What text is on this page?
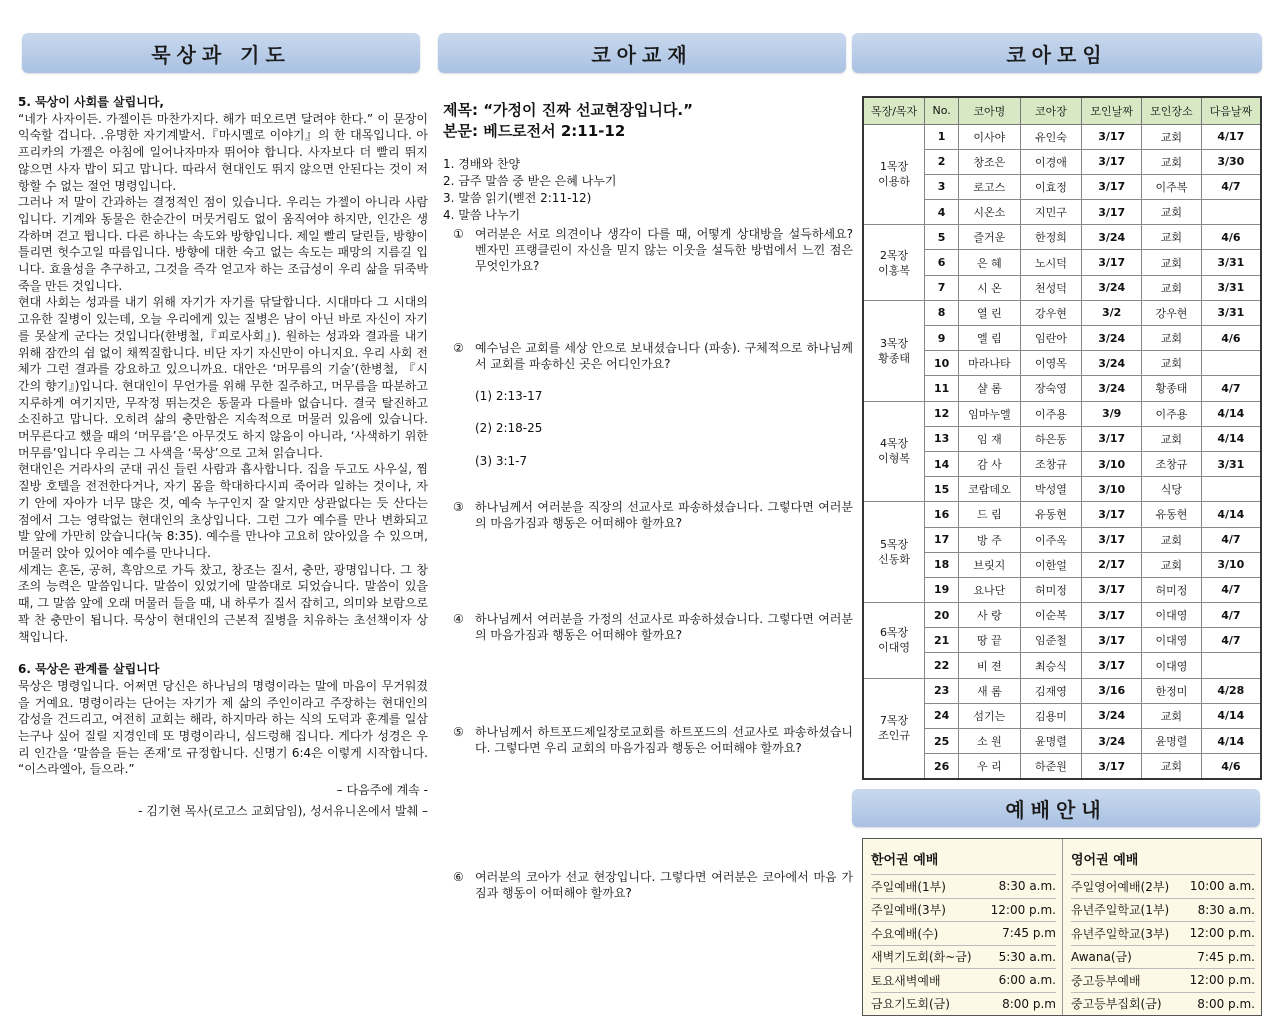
묵상과 기도	코아교재	코아모임
예배안내

5. 묵상이 사회를 살립니다,

“네가 사자이든. 가젤이든 마찬가지다. 해가 떠오르면 달려야 한다.” 이 문장이 익숙할 겁니다. .유명한 자기계발서.『마시멜로 이야기』의 한 대목입니다. 아프리카의 가젤은 아침에 일어나자마자 뛰어야 합니다. 사자보다 더 빨리 뛰지 않으면 사자 밥이 되고 맙니다. 따라서 현대인도 뛰지 않으면 안된다는 것이 저항할 수 없는 절언 명령입니다.

그러나 저 말이 간과하는 결정적인 점이 있습니다. 우리는 가젤이 아니라 사람입니다. 기계와 동물은 한순간이 머뭇거림도 없이 움직여야 하지만, 인간은 생각하며 걷고 뜁니다. 다른 하나는 속도와 방향입니다. 제일 빨리 달린들, 방향이 틀리면 헛수고일 따름입니다. 방향에 대한 숙고 없는 속도는 패망의 지름길 입니다. 효율성을 추구하고, 그것을 즉각 얻고자 하는 조급성이 우리 삶을 뒤죽박죽을 만든 것입니다.

현대 사회는 성과를 내기 위해 자기가 자기를 닦달합니다. 시대마다 그 시대의 고유한 질병이 있는데, 오늘 우리에게 있는 질병은 남이 아닌 바로 자신이 자기를 못살게 군다는 것입니다(한병철,『피로사회』). 원하는 성과와 결과를 내기 위해 잠깐의 쉼 없이 채찍질합니다. 비단 자기 자신만이 아니지요. 우리 사회 전체가 그런 결과를 강요하고 있으니까요. 대안은 ‘머무름의 기술’(한병철, 『시간의 향기』)입니다. 현대인이 무언가를 위해 무한 질주하고, 머무름을 따분하고 지루하게 여기지만, 무작정 뛰는것은 동물과 다를바 없습니다. 결국 탈진하고 소진하고 맙니다. 오히려 삶의 충만함은 지속적으로 머물러 있음에 있습니다. 머무른다고 했을 때의 ‘머무름’은 아무것도 하지 않음이 아니라, ‘사색하기 위한 머무름’입니다 우리는 그 사색을 ‘묵상’으로 고쳐 읽습니다.

현대인은 거라사의 군대 귀신 들린 사람과 흡사합니다. 집을 두고도 사우실, 찜질방 호텔을 전전한다거나, 자기 몸을 학대하다시피 죽어라 일하는 것이나, 자기 안에 자아가 너무 많은 것, 예숙 누구인지 잘 알지만 상관없다는 듯 산다는 점에서 그는 영락없는 현대인의 초상입니다. 그런 그가 예수를 만나 변화되고 발 앞에 가만히 앉습니다(눅 8:35). 예수를 만나야 고요히 앉아있을 수 있으며, 머물러 앉아 있어야 예수를 만나니다.

세계는 혼돈, 공허, 흑암으로 가득 찼고, 창조는 질서, 충만, 광명입니다. 그 창조의 능력은 말씀입니다. 말씀이 있었기에 말씀대로 되었습니다. 말씀이 있을 때, 그 말씀 앞에 오래 머물러 들을 때, 내 하루가 질서 잡히고, 의미와 보람으로 꽉 찬 충만이 됩니다. 묵상이 현대인의 근본적 질병을 치유하는 초선책이자 상책입니다.

6. 묵상은 관계를 살립니다

묵상은 명령입니다. 어쩌면 당신은 하나님의 명령이라는 말에 마음이 무거워졌을 거예요. 명령이라는 단어는 자기가 제 삶의 주인이라고 주장하는 현대인의 감성을 건드리고, 여전히 교회는 해라, 하지마라 하는 식의 도덕과 훈계를 일삼는구나 싶어 질릴 지경인데 또 명령이라니, 심드렁해 집니다. 게다가 성경은 우리 인간을 ‘말씀을 듣는 존재’로 규정합니다. 신명기 6:4은 이렇게 시작합니다. “이스라엘아, 들으라.”

– 다음주에 계속 -

- 김기현 목사(로고스 교회담임), 성서유니온에서 발췌 –

제목: “가정이 진짜 선교현장입니다.”
본문: 베드로전서 2:11-12
1. 경배와 찬양
2. 금주 말씀 중 받은 은혜 나누기
3. 말씀 읽기(벧전 2:11-12)
4. 말씀 나누기
① 여러분은 서로 의견이나 생각이 다를 때, 어떻게 상대방을 설득하세요? 벤자민 프랭클린이 자신을 믿지 않는 이웃을 설득한 방법에서 느낀 점은 무엇인가요?
② 예수님은 교회를 세상 안으로 보내셨습니다 (파송). 구체적으로 하나님께서 교회를 파송하신 곳은 어디인가요?
(1) 2:13-17
(2) 2:18-25
(3) 3:1-7
③ 하나님께서 여러분을 직장의 선교사로 파송하셨습니다. 그렇다면 여러분의 마음가짐과 행동은 어떠해야 할까요?
④ 하나님께서 여러분을 가정의 선교사로 파송하셨습니다. 그렇다면 여러분의 마음가짐과 행동은 어떠해야 할까요?
⑤ 하나님께서 하트포드제일장로교회를 하트포드의 선교사로 파송하셨습니다. 그렇다면 우리 교회의 마음가짐과 행동은 어떠해야 할까요?
⑥ 여러분의 코아가 선교 현장입니다. 그렇다면 여러분은 코아에서 마음 가짐과 행동이 어떠해야 할까요?
목장/목자	No.	코아명	코아장	모인날짜	모인장소	다음날짜

1목장
이용하	1	이사야	유인숙	3/17	교회	4/17
	2	창조은	이경애	3/17	교회	3/30
	3	로고스	이효정	3/17	이주복	4/7
	4	시온소	지민구	3/17	교회	

2목장
이홍복	5	즐거운	한정희	3/24	교회	4/6
	6	은 혜	노시덕	3/17	교회	3/31
	7	시 온	천성덕	3/24	교회	3/31

3목장
황종태	8	열 린	강우현	3/2	강우현	3/31
	9	엘 림	임란아	3/24	교회	4/6
	10	마라나타	이영목	3/24	교회	
	11	샬 롬	장숙영	3/24	황종태	4/7

4목장
이형복	12	임마누엘	이주용	3/9	이주용	4/14
	13	임 재	하은동	3/17	교회	4/14
	14	감 사	조창규	3/10	조창규	3/31
	15	코람데오	박성열	3/10	식당	

5목장
신동화	16	드 림	유동현	3/17	유동현	4/14
	17	방 주	이주옥	3/17	교회	4/7
	18	브릿지	이한얼	2/17	교회	3/10
	19	요나단	허미정	3/17	허미정	4/7

6목장
이대영	20	사 랑	이순복	3/17	이대영	4/7
	21	땅 끝	임준철	3/17	이대영	4/7
	22	비 젼	최승식	3/17	이대영	

7목장
조인규	23	새 롬	김재영	3/16	한정미	4/28
	24	섬기는	김용미	3/24	교회	4/14
	25	소 원	윤명렬	3/24	윤명렬	4/14
	26	우 리	하준원	3/17	교회	4/6
한어권 예배
주일예배(1부)	8:30 a.m.
주일예배(3부)	12:00 p.m.
수요예배(수)	7:45 p.m
새벽기도회(화~금) 5:30 a.m.
토요새벽예배	6:00 a.m.
금요기도회(금)	8:00 p.m
영어권 예배
주일영어예배(2부) 10:00 a.m.
유년주일학교(1부) 8:30 a.m.
유년주일학교(3부) 12:00 p.m.
Awana(금)	7:45 p.m.
중고등부예배	12:00 p.m.
중고등부집회(금)	8:00 p.m.
